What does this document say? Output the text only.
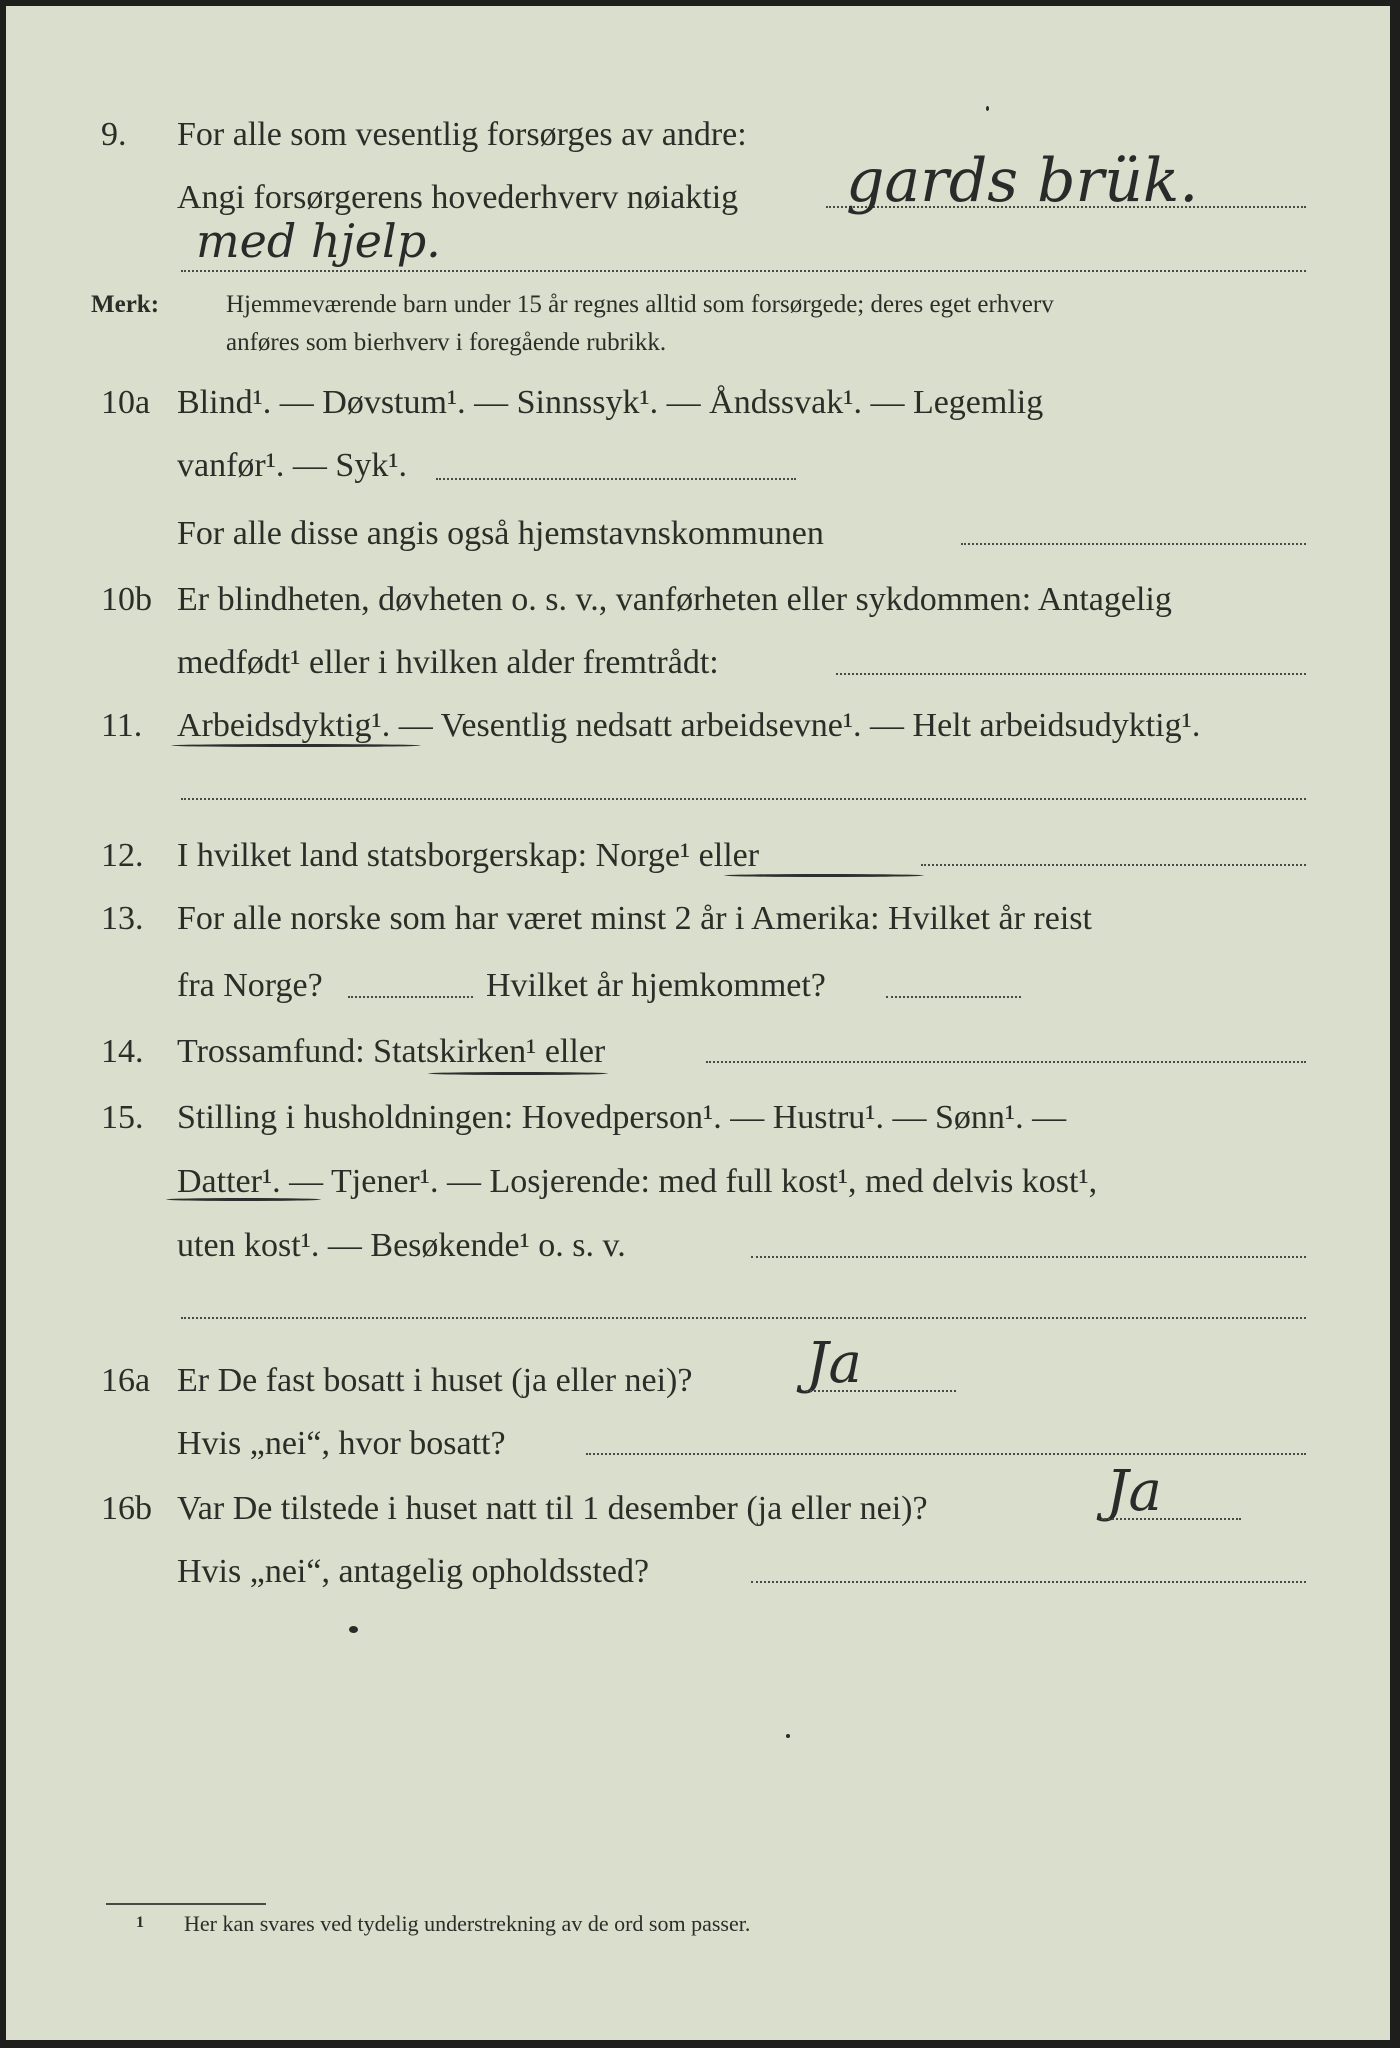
9. For alle som vesentlig forsørges av andre:
Angi forsørgerens hovederhverv nøiaktig gards brük.
med hjelp.
Merk:	Hjemmeværende barn under 15 år regnes alltid som forsørgede; deres eget erhverv
anføres som bierhverv i foregående rubrikk.
10a Blind¹. — Døvstum¹. — Sinnssyk¹. — Åndssvak¹. — Legemlig
vanfør¹. — Syk¹.
For alle disse angis også hjemstavnskommunen
10b Er blindheten, døvheten o. s. v., vanførheten eller sykdommen: Antagelig
medfødt¹ eller i hvilken alder fremtrådt:
11. Arbeidsdyktig¹. — Vesentlig nedsatt arbeidsevne¹. — Helt arbeidsudyktig¹.
12. I hvilket land statsborgerskap: Norge¹ eller
13. For alle norske som har været minst 2 år i Amerika: Hvilket år reist
fra Norge?	Hvilket år hjemkommet?
14. Trossamfund: Statskirken¹ eller
15. Stilling i husholdningen: Hovedperson¹. — Hustru¹. — Sønn¹. —
Datter¹. — Tjener¹. — Losjerende: med full kost¹, med delvis kost¹,
uten kost¹. — Besøkende¹ o. s. v.
16a Er De fast bosatt i huset (ja eller nei)? Ja
Hvis „nei“, hvor bosatt?
16b Var De tilstede i huset natt til 1 desember (ja eller nei)?	Ja
Hvis „nei“, antagelig opholdssted?
1 Her kan svares ved tydelig understrekning av de ord som passer.
